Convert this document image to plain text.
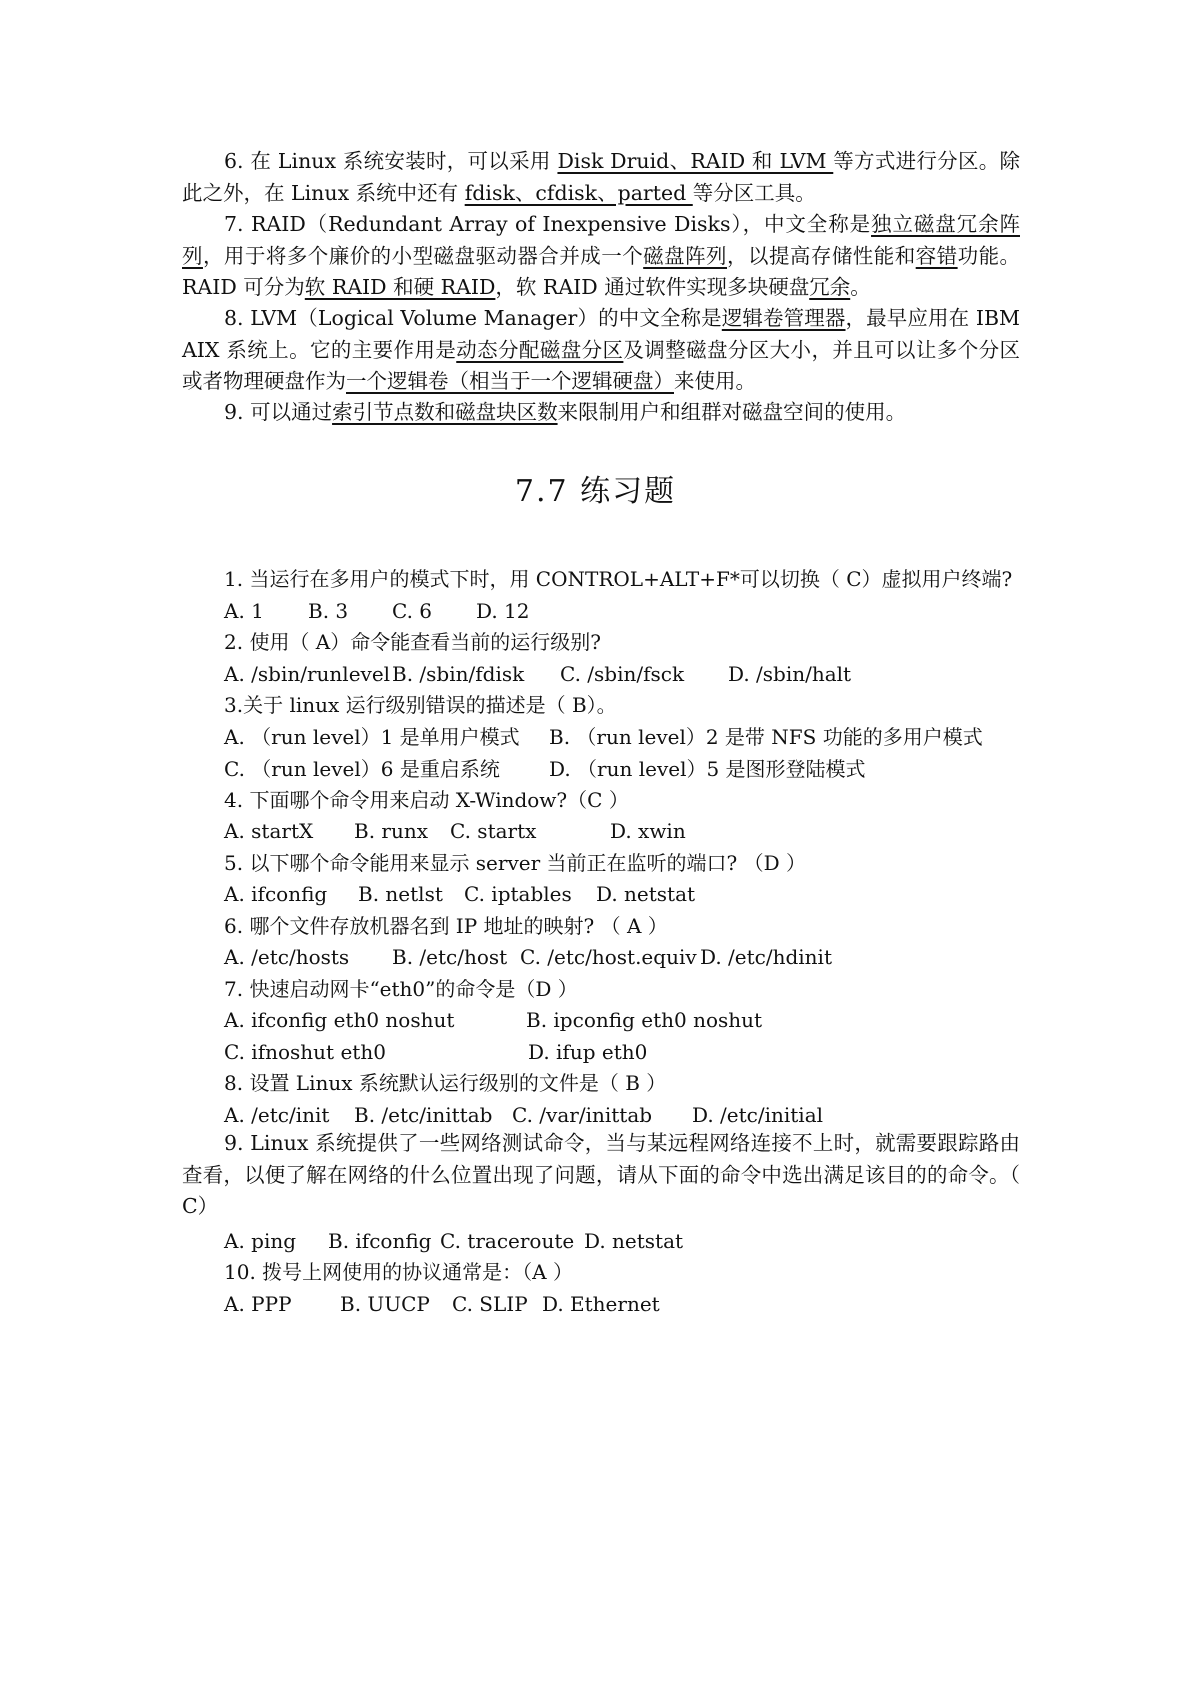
6. 在 Linux 系统安装时，可以采用 Disk Druid、RAID 和 LVM 等方式进行分区。除此之外，在 Linux 系统中还有 fdisk、cfdisk、parted 等分区工具。

7. RAID（Redundant Array of Inexpensive Disks），中文全称是独立磁盘冗余阵列，用于将多个廉价的小型磁盘驱动器合并成一个磁盘阵列，以提高存储性能和容错功能。RAID 可分为软 RAID 和硬 RAID，软 RAID 通过软件实现多块硬盘冗余。

8. LVM（Logical Volume Manager）的中文全称是逻辑卷管理器，最早应用在 IBM AIX 系统上。它的主要作用是动态分配磁盘分区及调整磁盘分区大小，并且可以让多个分区或者物理硬盘作为一个逻辑卷（相当于一个逻辑硬盘）来使用。

9. 可以通过索引节点数和磁盘块区数来限制用户和组群对磁盘空间的使用。

7.7 练习题

1. 当运行在多用户的模式下时，用 CONTROL+ALT+F*可以切换（ C）虚拟用户终端?

A. 1 B. 3 C. 6 D. 12

2. 使用（ A）命令能查看当前的运行级别?

A. /sbin/runlevel B. /sbin/fdisk C. /sbin/fsck D. /sbin/halt

3.关于 linux 运行级别错误的描述是（ B）。

A. （run level）1 是单用户模式 B. （run level）2 是带 NFS 功能的多用户模式
C. （run level）6 是重启系统 D. （run level）5 是图形登陆模式

4. 下面哪个命令用来启动 X-Window?（C ）

A. startX B. runx C. startx	D. xwin

5. 以下哪个命令能用来显示 server 当前正在监听的端口? （D ）

A. ifconfig B. netlst C. iptables D. netstat

6. 哪个文件存放机器名到 IP 地址的映射? （ A ）

A. /etc/hosts B. /etc/host C. /etc/host.equiv D. /etc/hdinit

7. 快速启动网卡“eth0”的命令是（D ）

A. ifconfig eth0 noshut	B. ipconfig eth0 noshut
C. ifnoshut eth0	D. ifup eth0

8. 设置 Linux 系统默认运行级别的文件是（ B ）

A. /etc/init B. /etc/inittab C. /var/inittab D. /etc/initial

9. Linux 系统提供了一些网络测试命令，当与某远程网络连接不上时，就需要跟踪路由查看，以便了解在网络的什么位置出现了问题，请从下面的命令中选出满足该目的的命令。（ C）

A. ping B. ifconfig C. traceroute D. netstat

10. 拨号上网使用的协议通常是：（A ）

A. PPP B. UUCP C. SLIP D. Ethernet
